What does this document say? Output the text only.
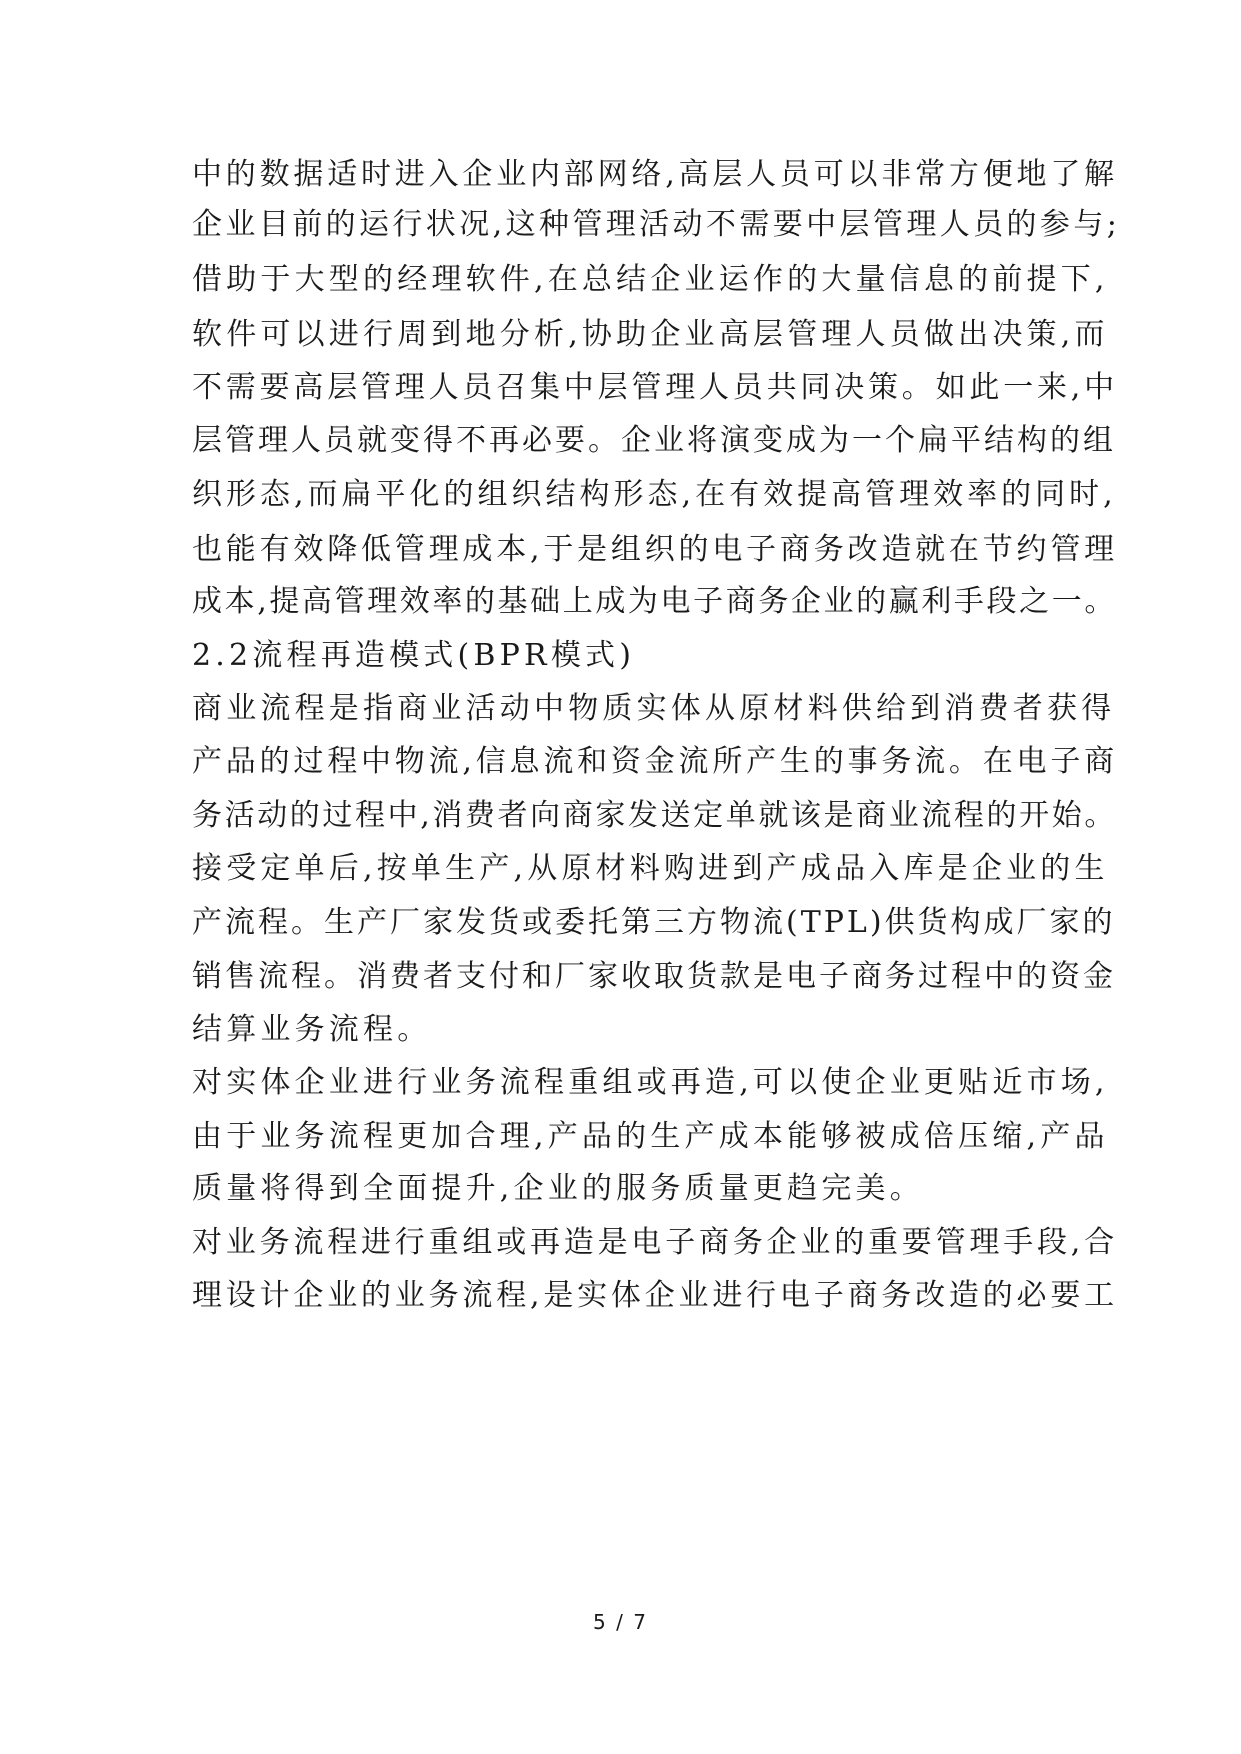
中的数据适时进入企业内部网络,高层人员可以非常方便地了解
企业目前的运行状况,这种管理活动不需要中层管理人员的参与;
借助于大型的经理软件,在总结企业运作的大量信息的前提下,
软件可以进行周到地分析,协助企业高层管理人员做出决策,而
不需要高层管理人员召集中层管理人员共同决策。如此一来,中
层管理人员就变得不再必要。企业将演变成为一个扁平结构的组
织形态,而扁平化的组织结构形态,在有效提高管理效率的同时,
也能有效降低管理成本,于是组织的电子商务改造就在节约管理
成本,提高管理效率的基础上成为电子商务企业的赢利手段之一。
2.2流程再造模式(BPR模式)
商业流程是指商业活动中物质实体从原材料供给到消费者获得
产品的过程中物流,信息流和资金流所产生的事务流。在电子商
务活动的过程中,消费者向商家发送定单就该是商业流程的开始。
接受定单后,按单生产,从原材料购进到产成品入库是企业的生
产流程。生产厂家发货或委托第三方物流(TPL)供货构成厂家的
销售流程。消费者支付和厂家收取货款是电子商务过程中的资金
结算业务流程。
对实体企业进行业务流程重组或再造,可以使企业更贴近市场,
由于业务流程更加合理,产品的生产成本能够被成倍压缩,产品
质量将得到全面提升,企业的服务质量更趋完美。
对业务流程进行重组或再造是电子商务企业的重要管理手段,合
理设计企业的业务流程,是实体企业进行电子商务改造的必要工
5 / 7
